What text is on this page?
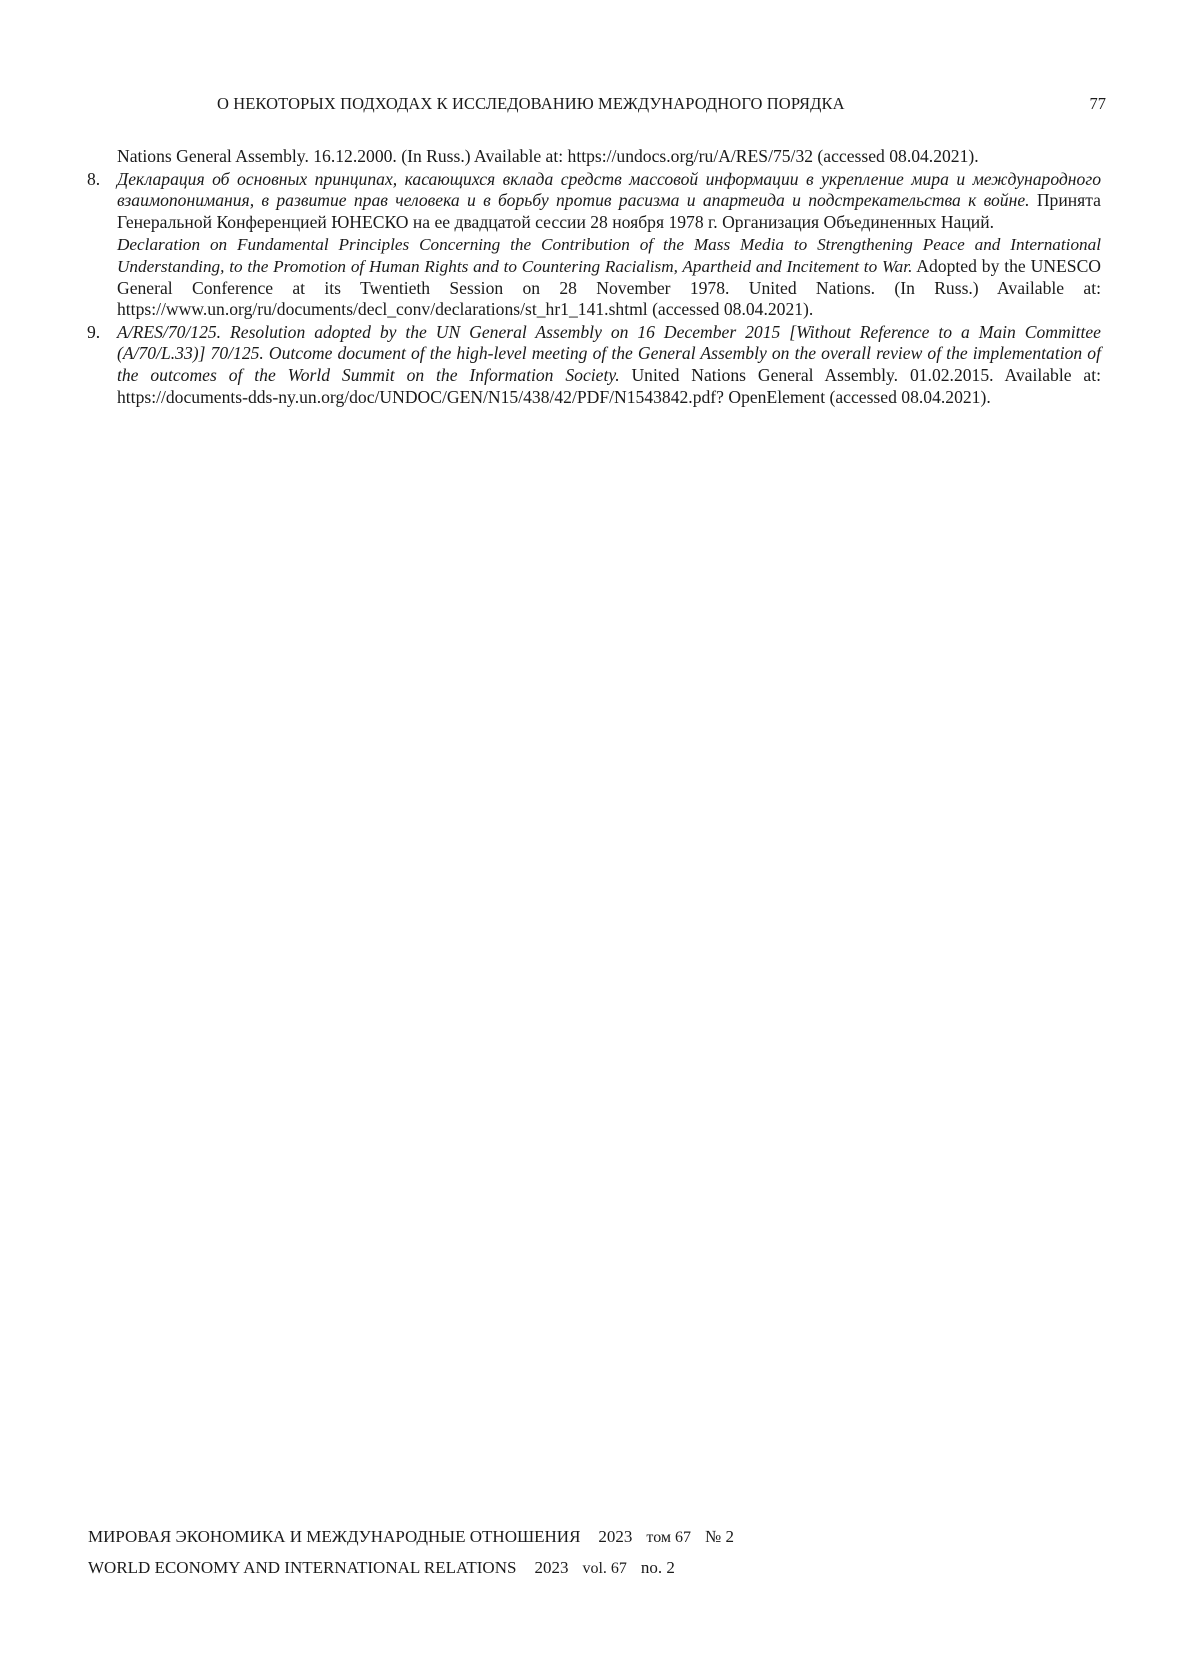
О НЕКОТОРЫХ ПОДХОДАХ К ИССЛЕДОВАНИЮ МЕЖДУНАРОДНОГО ПОРЯДКА	77

Nations General Assembly. 16.12.2000. (In Russ.) Available at: https://undocs.org/ru/A/RES/75/32 (accessed 08.04.2021).

8. Декларация об основных принципах, касающихся вклада средств массовой информации в укрепление мира и международного взаимопонимания, в развитие прав человека и в борьбу против расизма и апартеида и подстрекательства к войне. Принята Генеральной Конференцией ЮНЕСКО на ее двадцатой сессии 28 ноября 1978 г. Организация Объединенных Наций.

Declaration on Fundamental Principles Concerning the Contribution of the Mass Media to Strengthening Peace and International Understanding, to the Promotion of Human Rights and to Countering Racialism, Apartheid and Incitement to War. Adopted by the UNESCO General Conference at its Twentieth Session on 28 November 1978. United Nations. (In Russ.) Available at: https://www.un.org/ru/documents/decl_conv/declarations/st_hr1_141.shtml (accessed 08.04.2021).

9. A/RES/70/125. Resolution adopted by the UN General Assembly on 16 December 2015 [Without Reference to a Main Committee (A/70/L.33)] 70/125. Outcome document of the high-level meeting of the General Assembly on the overall review of the implementation of the outcomes of the World Summit on the Information Society. United Nations General Assembly. 01.02.2015. Available at: https://documents-dds-ny.un.org/doc/UNDOC/GEN/N15/438/42/PDF/N1543842.pdf? OpenElement (accessed 08.04.2021).

МИРОВАЯ ЭКОНОМИКА И МЕЖДУНАРОДНЫЕ ОТНОШЕНИЯ 2023 том 67 № 2
WORLD ECONOMY AND INTERNATIONAL RELATIONS 2023 vol. 67 no. 2
